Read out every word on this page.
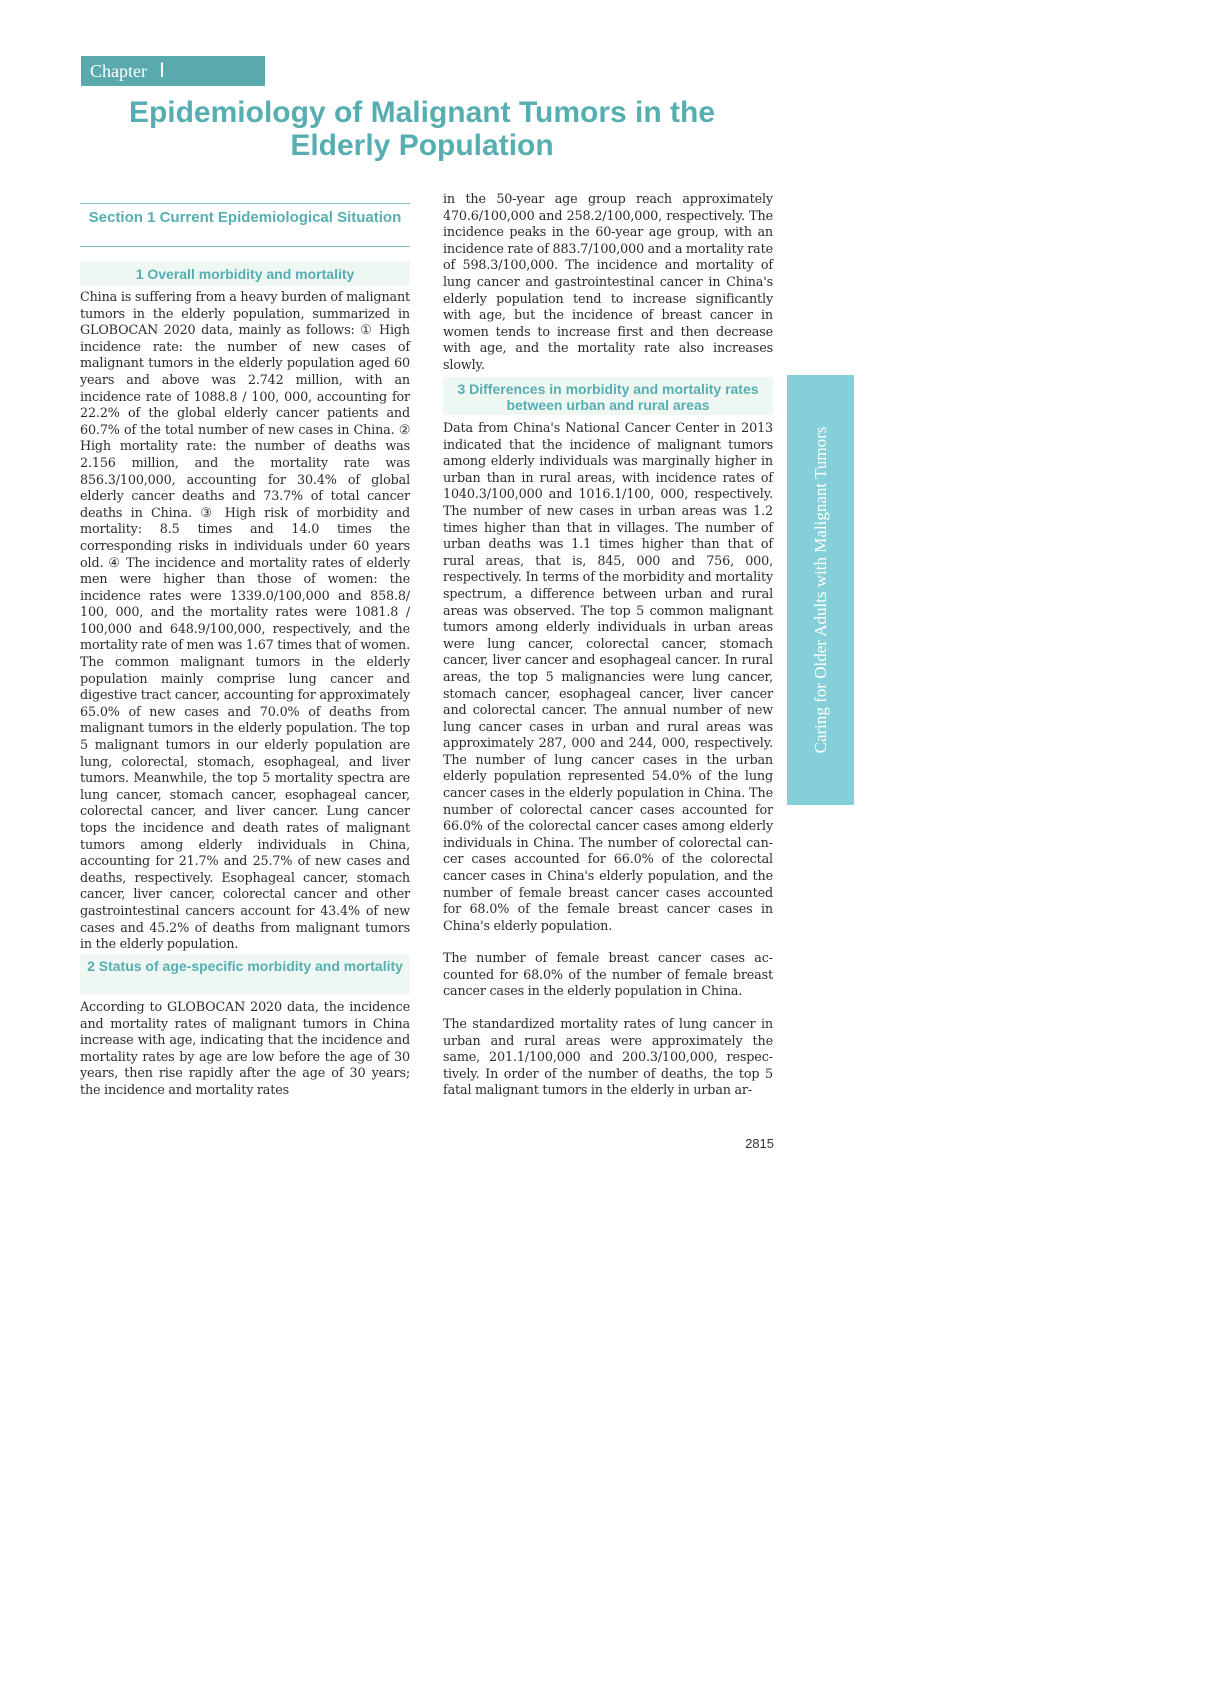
Chapter Ⅰ
Epidemiology of Malignant Tumors in the Elderly Population
Section 1 Current Epidemiological Situation
1 Overall morbidity and mortality

China is suffering from a heavy burden of malignant tumors in the elderly population, summarized in GLOBOCAN 2020 data, mainly as follows: ① High incidence rate: the number of new cases of malignant tumors in the elderly population aged 60 years and above was 2.742 million, with an incidence rate of 1088.8 / 100, 000, accounting for 22.2% of the global elderly cancer patients and 60.7% of the total number of new cases in China. ② High mortality rate: the number of deaths was 2.156 million, and the mortality rate was 856.3/100,000, accounting for 30.4% of global elderly cancer deaths and 73.7% of total cancer deaths in China. ③ High risk of morbidity and mortality: 8.5 times and 14.0 times the corresponding risks in individuals under 60 years old. ④ The incidence and mortality rates of elderly men were higher than those of women: the incidence rates were 1339.0/100,000 and 858.8/ 100, 000, and the mortality rates were 1081.8 / 100,000 and 648.9/100,000, respectively, and the mortality rate of men was 1.67 times that of women. The common malignant tumors in the elderly population mainly comprise lung cancer and digestive tract cancer, accounting for approximately 65.0% of new cases and 70.0% of deaths from malignant tumors in the elderly population. The top 5 malignant tumors in our elderly population are lung, colorectal, stomach, esophageal, and liver tumors. Meanwhile, the top 5 mortality spectra are lung cancer, stomach cancer, esophageal cancer, colorectal cancer, and liver cancer. Lung cancer tops the incidence and death rates of malignant tumors among elderly individuals in China, accounting for 21.7% and 25.7% of new cases and deaths, respectively. Esophageal cancer, stomach cancer, liver cancer, colorectal cancer and other gastrointestinal cancers account for 43.4% of new cases and 45.2% of deaths from malignant tumors in the elderly population.

2 Status of age-specific morbidity and mortality

According to GLOBOCAN 2020 data, the incidence and mortality rates of malignant tumors in China increase with age, indicating that the incidence and mortality rates by age are low before the age of 30 years, then rise rapidly after the age of 30 years; the incidence and mortality rates

in the 50-year age group reach approximately 470.6/100,000 and 258.2/100,000, respectively. The incidence peaks in the 60-year age group, with an incidence rate of 883.7/100,000 and a mortality rate of 598.3/100,000. The incidence and mortality of lung cancer and gastrointestinal cancer in China's elderly population tend to increase significantly with age, but the incidence of breast cancer in women tends to increase first and then decrease with age, and the mortality rate also increases slowly.

3 Differences in morbidity and mortality rates between urban and rural areas

Data from China's National Cancer Center in 2013 indicated that the incidence of malignant tumors among elderly individuals was marginally higher in urban than in rural areas, with incidence rates of 1040.3/100,000 and 1016.1/100, 000, respectively. The number of new cases in urban areas was 1.2 times higher than that in villages. The number of urban deaths was 1.1 times higher than that of rural areas, that is, 845, 000 and 756, 000, respectively. In terms of the morbidity and mortality spectrum, a difference between urban and rural areas was observed. The top 5 common malignant tumors among elderly individuals in urban areas were lung cancer, colorectal cancer, stomach cancer, liver cancer and esophageal cancer. In rural areas, the top 5 malignancies were lung cancer, stomach cancer, esophageal cancer, liver cancer and colorectal cancer. The annual number of new lung cancer cases in urban and rural areas was approximately 287, 000 and 244, 000, respectively. The number of lung cancer cases in the urban elderly population represented 54.0% of the lung cancer cases in the elderly population in China. The number of colorectal cancer cases accounted for 66.0% of the colorectal cancer cases among elderly individuals in China. The number of colorectal cancer cases accounted for 66.0% of the colorectal cancer cases in China's elderly population, and the number of female breast cancer cases accounted for 68.0% of the female breast cancer cases in China's elderly population.

The number of female breast cancer cases accounted for 68.0% of the number of female breast cancer cases in the elderly population in China.

The standardized mortality rates of lung cancer in urban and rural areas were approximately the same, 201.1/100,000 and 200.3/100,000, respectively. In order of the number of deaths, the top 5 fatal malignant tumors in the elderly in urban ar-

Caring for Older Adults with Malignant Tumors
2815
